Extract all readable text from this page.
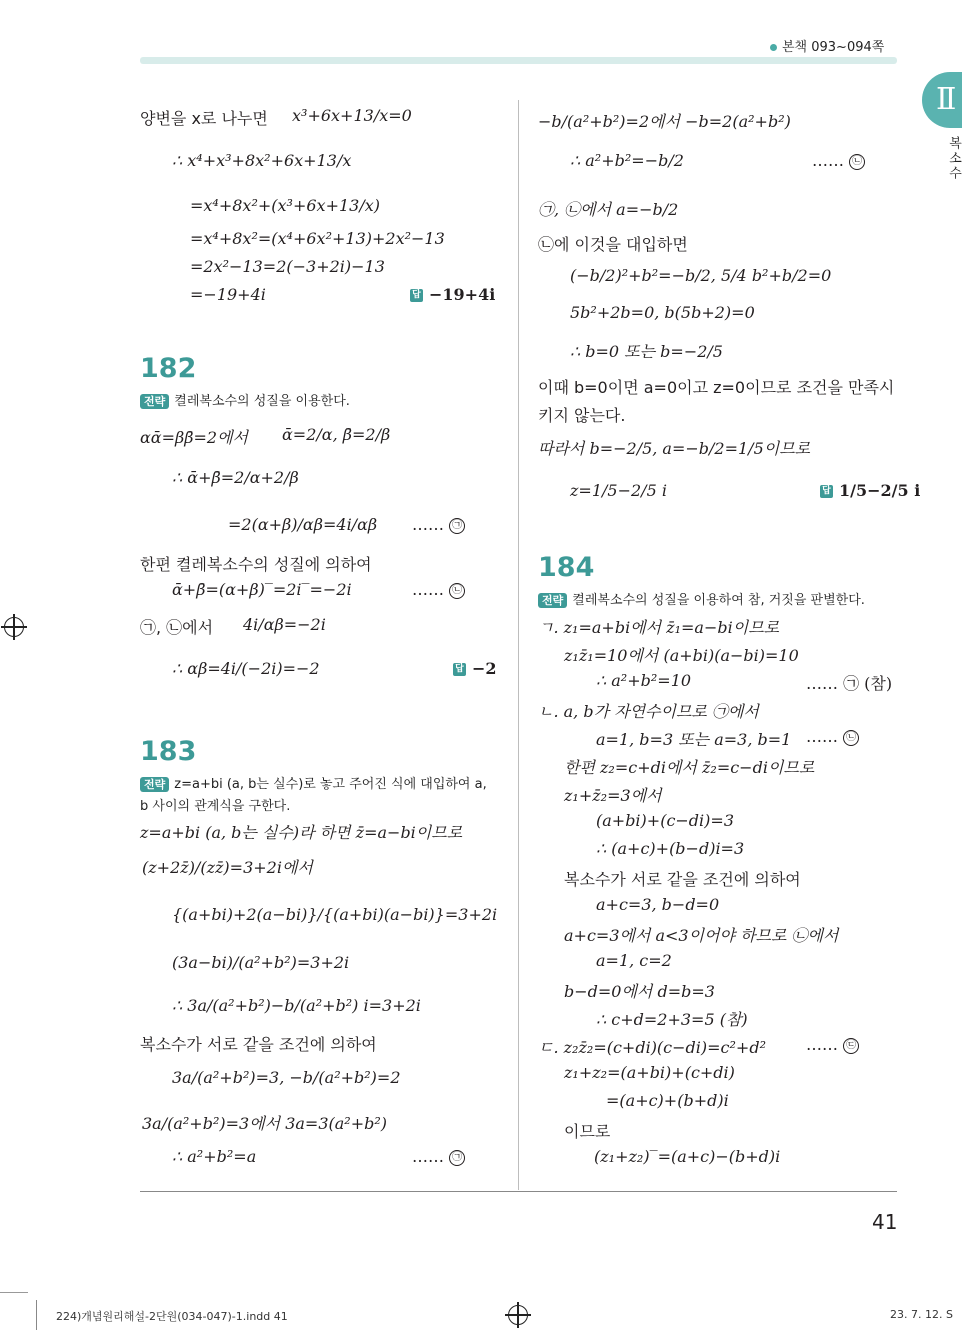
본책 093~094쪽
Ⅱ
복소수
양변을 x로 나누면 x³+6x+13/x=0
∴ x⁴+x³+8x²+6x+13/x
=x⁴+8x²+(x³+6x+13/x)
=x⁴+8x²=(x⁴+6x²+13)+2x²−13
=2x²−13=2(−3+2i)−13
=−19+4i	답 −19+4i
182
전략 켤레복소수의 성질을 이용한다.
αᾱ=ββ̄=2에서 ᾱ=2/α, β̄=2/β
∴ ᾱ+β̄=2/α+2/β
=2(α+β)/αβ=4i/αβ …… ㉠
한편 켤레복소수의 성질에 의하여
ᾱ+β̄=(α+β)‾=2i‾=−2i	…… ㉡
㉠, ㉡에서 4i/αβ=−2i
∴ αβ=4i/(−2i)=−2	답 −2
183
전략 z=a+bi (a, b는 실수)로 놓고 주어진 식에 대입하여 a,
b 사이의 관계식을 구한다.
z=a+bi (a, b는 실수)라 하면 z̄=a−bi이므로
(z+2z̄)/(zz̄)=3+2i에서
{(a+bi)+2(a−bi)}/{(a+bi)(a−bi)}=3+2i
(3a−bi)/(a²+b²)=3+2i
∴ 3a/(a²+b²)−b/(a²+b²) i=3+2i
복소수가 서로 같을 조건에 의하여
3a/(a²+b²)=3, −b/(a²+b²)=2
3a/(a²+b²)=3에서 3a=3(a²+b²)
∴ a²+b²=a	…… ㉠
−b/(a²+b²)=2에서 −b=2(a²+b²)
∴ a²+b²=−b/2	…… ㉡
㉠, ㉡에서 a=−b/2
㉡에 이것을 대입하면
(−b/2)²+b²=−b/2, 5/4 b²+b/2=0
5b²+2b=0, b(5b+2)=0
∴ b=0 또는 b=−2/5
이때 b=0이면 a=0이고 z=0이므로 조건을 만족시
키지 않는다.
따라서 b=−2/5, a=−b/2=1/5이므로
z=1/5−2/5 i	답 1/5−2/5 i
184
전략 켤레복소수의 성질을 이용하여 참, 거짓을 판별한다.
ㄱ. z₁=a+bi에서 z̄₁=a−bi이므로
z₁z̄₁=10에서 (a+bi)(a−bi)=10
∴ a²+b²=10	…… ㉠ (참)
ㄴ. a, b가 자연수이므로 ㉠에서
a=1, b=3 또는 a=3, b=1 …… ㉡
한편 z₂=c+di에서 z̄₂=c−di이므로
z₁+z̄₂=3에서
(a+bi)+(c−di)=3
∴ (a+c)+(b−d)i=3
복소수가 서로 같을 조건에 의하여
a+c=3, b−d=0
a+c=3에서 a<3이어야 하므로 ㉡에서
a=1, c=2
b−d=0에서 d=b=3
∴ c+d=2+3=5 (참)
ㄷ. z₂z̄₂=(c+di)(c−di)=c²+d²	…… ㉢
z₁+z₂=(a+bi)+(c+di)
=(a+c)+(b+d)i
이므로
(z₁+z₂)‾=(a+c)−(b+d)i
41
224)개념원리해설-2단원(034-047)-1.indd 41	23. 7. 12. S
